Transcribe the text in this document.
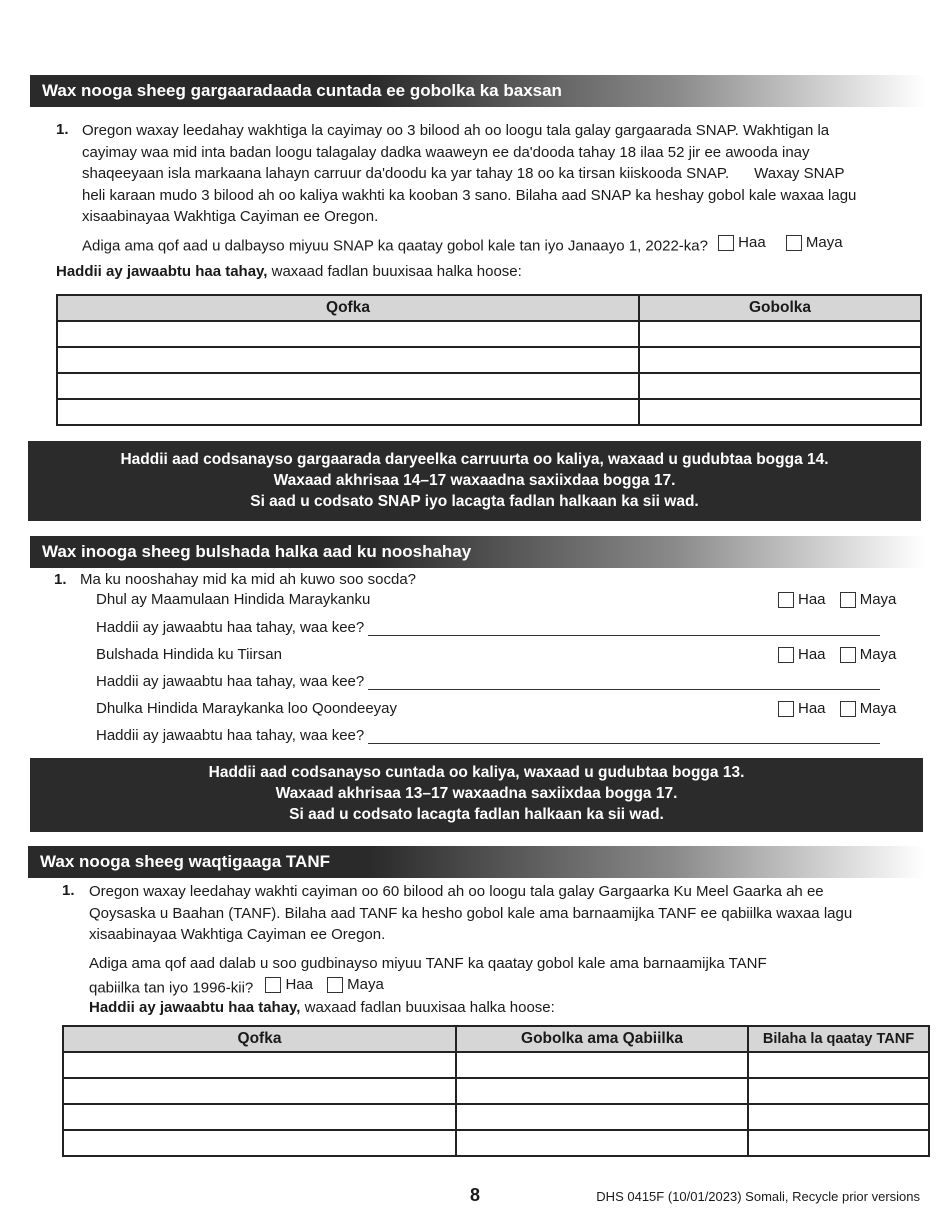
Wax nooga sheeg gargaaradaada cuntada ee gobolka ka baxsan
1. Oregon waxay leedahay wakhtiga la cayimay oo 3 bilood ah oo loogu tala galay gargaarada SNAP. Wakhtigan la
cayimay waa mid inta badan loogu talagalay dadka waaweyn ee da'dooda tahay 18 ilaa 52 jir ee awooda inay
shaqeeyaan isla markaana lahayn carruur da'doodu ka yar tahay 18 oo ka tirsan kiiskooda SNAP.      Waxay SNAP
heli karaan mudo 3 bilood ah oo kaliya wakhti ka kooban 3 sano. Bilaha aad SNAP ka heshay gobol kale waxaa lagu
xisaabinayaa Wakhtiga Cayiman ee Oregon.
Adiga ama qof aad u dalbayso miyuu SNAP ka qaatay gobol kale tan iyo Janaayo 1, 2022-ka? Haa
	Maya
Haddii ay jawaabtu haa tahay, waxaad fadlan buuxisaa halka hoose:
Qofka	Gobolka

Haddii aad codsanayso gargaarada daryeelka carruurta oo kaliya, waxaad u gudubtaa bogga 14.
Waxaad akhrisaa 14–17 waxaadna saxiixdaa bogga 17.
Si aad u codsato SNAP iyo lacagta fadlan halkaan ka sii wad.
Wax inooga sheeg bulshada halka aad ku nooshahay
1. Ma ku nooshahay mid ka mid ah kuwo soo socda?
Dhul ay Maamulaan Hindida Maraykanku	Haa
Maya
Haddii ay jawaabtu haa tahay, waa kee?
Bulshada Hindida ku Tiirsan	Haa
Maya
Haddii ay jawaabtu haa tahay, waa kee?
Dhulka Hindida Maraykanka loo Qoondeeyay	Haa
Maya
Haddii ay jawaabtu haa tahay, waa kee?
Haddii aad codsanayso cuntada oo kaliya, waxaad u gudubtaa bogga 13.
Waxaad akhrisaa 13–17 waxaadna saxiixdaa bogga 17.
Si aad u codsato lacagta fadlan halkaan ka sii wad.
Wax nooga sheeg waqtigaaga TANF
1. Oregon waxay leedahay wakhti cayiman oo 60 bilood ah oo loogu tala galay Gargaarka Ku Meel Gaarka ah ee
Qoysaska u Baahan (TANF). Bilaha aad TANF ka hesho gobol kale ama barnaamijka TANF ee qabiilka waxaa lagu
xisaabinayaa Wakhtiga Cayiman ee Oregon.
Adiga ama qof aad dalab u soo gudbinayso miyuu TANF ka qaatay gobol kale ama barnaamijka TANF
qabiilka tan iyo 1996-kii? Haa
Maya
Haddii ay jawaabtu haa tahay, waxaad fadlan buuxisaa halka hoose:
Qofka	Gobolka ama Qabiilka	Bilaha la qaatay TANF

8	DHS 0415F (10/01/2023) Somali, Recycle prior versions
